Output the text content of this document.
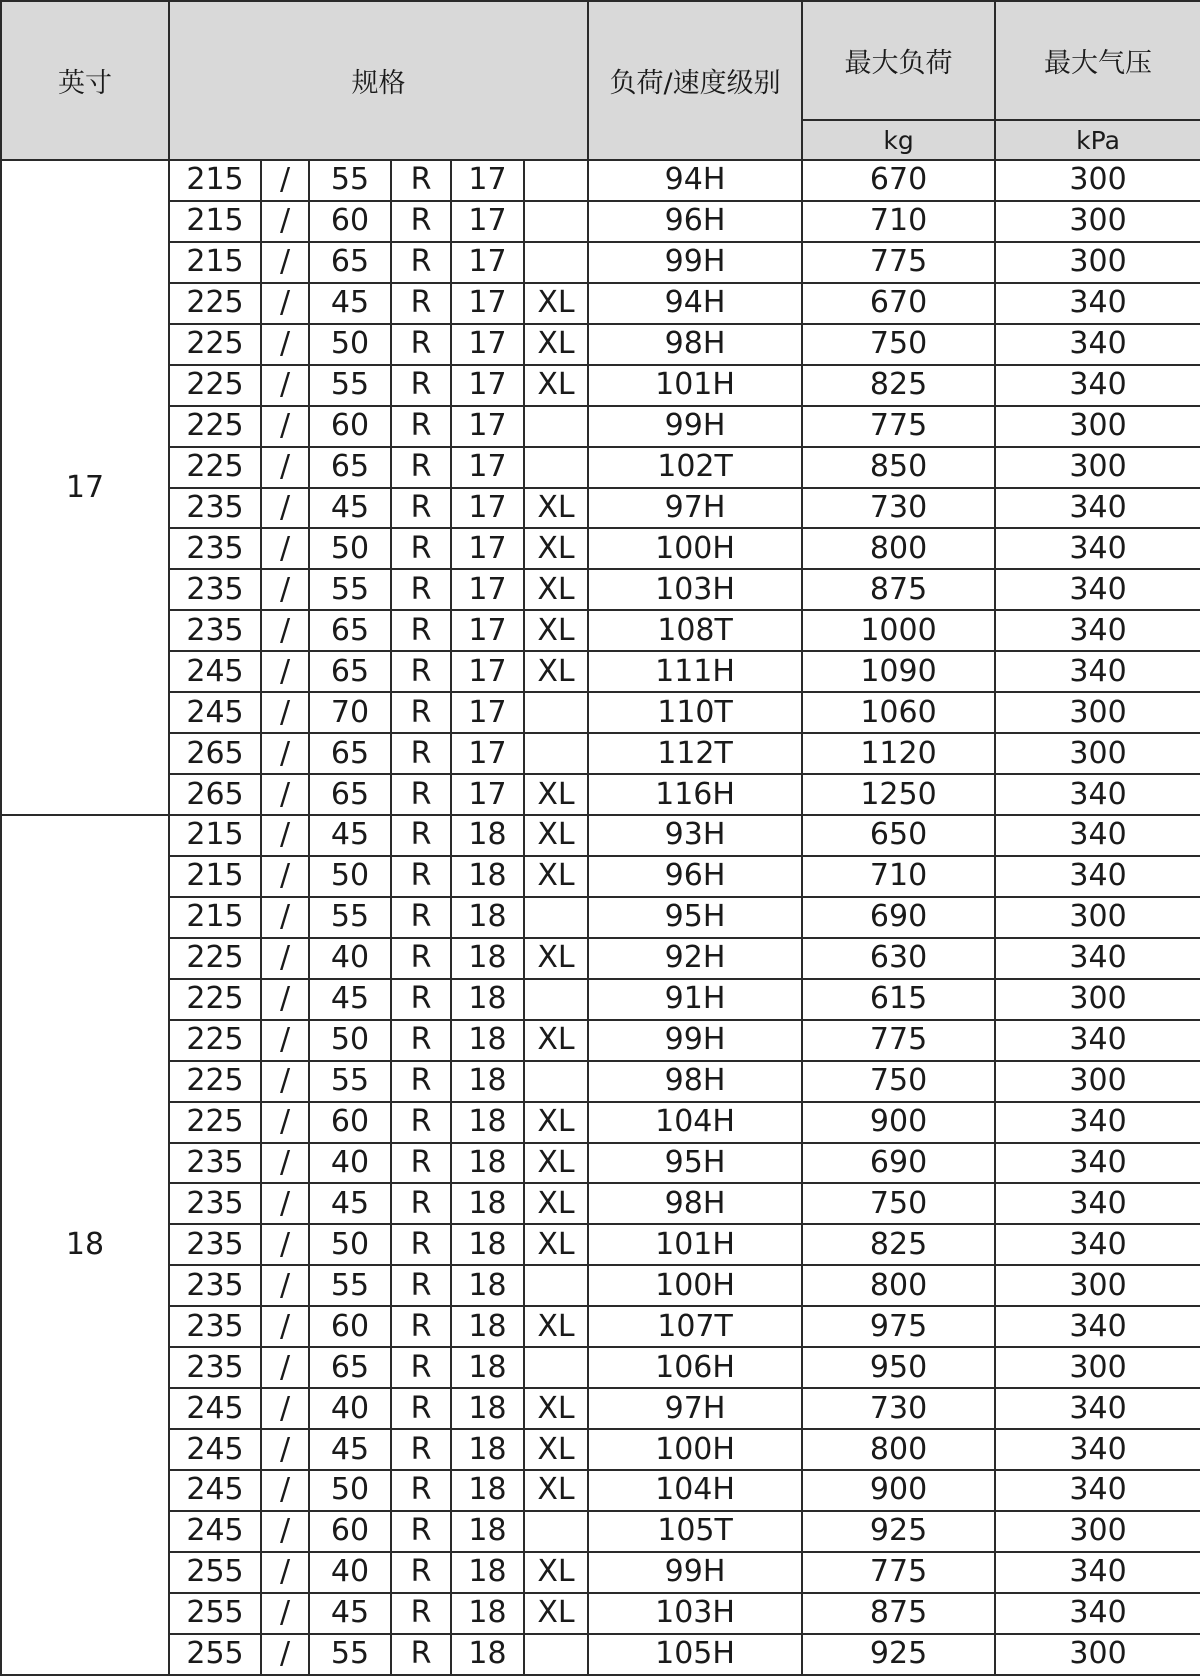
英寸	规格						负荷/速度级别	最大负荷	最大气压
								kg	kPa
17	215	/	55	R	17		94H	670	300
	215	/	60	R	17		96H	710	300
	215	/	65	R	17		99H	775	300
	225	/	45	R	17	XL	94H	670	340
	225	/	50	R	17	XL	98H	750	340
	225	/	55	R	17	XL	101H	825	340
	225	/	60	R	17		99H	775	300
	225	/	65	R	17		102T	850	300
	235	/	45	R	17	XL	97H	730	340
	235	/	50	R	17	XL	100H	800	340
	235	/	55	R	17	XL	103H	875	340
	235	/	65	R	17	XL	108T	1000	340
	245	/	65	R	17	XL	111H	1090	340
	245	/	70	R	17		110T	1060	300
	265	/	65	R	17		112T	1120	300
	265	/	65	R	17	XL	116H	1250	340
18	215	/	45	R	18	XL	93H	650	340
	215	/	50	R	18	XL	96H	710	340
	215	/	55	R	18		95H	690	300
	225	/	40	R	18	XL	92H	630	340
	225	/	45	R	18		91H	615	300
	225	/	50	R	18	XL	99H	775	340
	225	/	55	R	18		98H	750	300
	225	/	60	R	18	XL	104H	900	340
	235	/	40	R	18	XL	95H	690	340
	235	/	45	R	18	XL	98H	750	340
	235	/	50	R	18	XL	101H	825	340
	235	/	55	R	18		100H	800	300
	235	/	60	R	18	XL	107T	975	340
	235	/	65	R	18		106H	950	300
	245	/	40	R	18	XL	97H	730	340
	245	/	45	R	18	XL	100H	800	340
	245	/	50	R	18	XL	104H	900	340
	245	/	60	R	18		105T	925	300
	255	/	40	R	18	XL	99H	775	340
	255	/	45	R	18	XL	103H	875	340
	255	/	55	R	18		105H	925	300
